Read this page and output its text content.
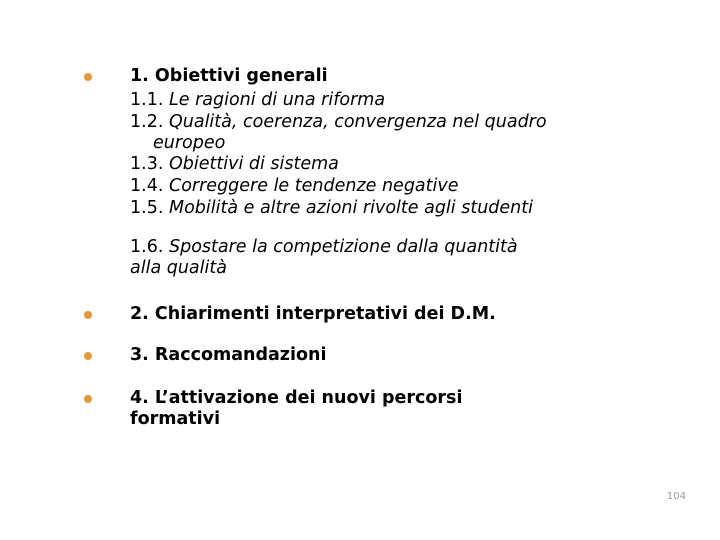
1. Obiettivi generali
1.1. Le ragioni di una riforma
1.2. Qualità, coerenza, convergenza nel quadro
europeo
1.3. Obiettivi di sistema
1.4. Correggere le tendenze negative
1.5. Mobilità e altre azioni rivolte agli studenti
1.6. Spostare la competizione dalla quantità
alla qualità
2. Chiarimenti interpretativi dei D.M.
3. Raccomandazioni
4. L’attivazione dei nuovi percorsi
formativi
104
